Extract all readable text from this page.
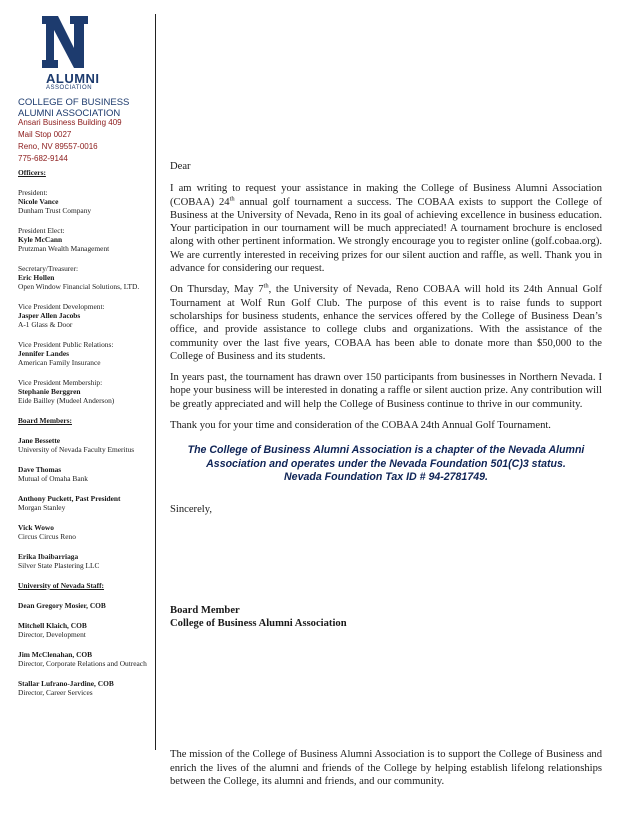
ALUMNI
ASSOCIATION
COLLEGE OF BUSINESS
ALUMNI ASSOCIATION
Ansari Business Building 409
Mail Stop 0027
Reno, NV 89557-0016
775-682-9144
Officers:
President:
Nicole Vance
Dunham Trust Company
President Elect:
Kyle McCann
Prutzman Wealth Management
Secretary/Treasurer:
Eric Hollen
Open Window Financial Solutions, LTD.
Vice President Development:
Jasper Allen Jacobs
A-1 Glass & Door
Vice President Public Relations:
Jennifer Landes
American Family Insurance
Vice President Membership:
Stephanie Berggren
Eide Bailley (Mudeel Anderson)
Board Members:
Jane Bessette
University of Nevada Faculty Emeritus
Dave Thomas
Mutual of Omaha Bank
Anthony Puckett, Past President
Morgan Stanley
Vick Wowo
Circus Circus Reno
Erika Ibaibarriaga
Silver State Plastering LLC
University of Nevada Staff:
Dean Gregory Mosier, COB
Mitchell Klaich, COB
Director, Development
Jim McClenahan, COB
Director, Corporate Relations and Outreach
Stallar Lufrano-Jardine, COB
Director, Career Services

Dear

I am writing to request your assistance in making the College of Business Alumni Association (COBAA) 24th annual golf tournament a success. The COBAA exists to support the College of Business at the University of Nevada, Reno in its goal of achieving excellence in business education. Your participation in our tournament will be much appreciated! A tournament brochure is enclosed along with other pertinent information. We strongly encourage you to register online (golf.cobaa.org). We are currently interested in receiving prizes for our silent auction and raffle, as well. Thank you in advance for considering our request.

On Thursday, May 7th, the University of Nevada, Reno COBAA will hold its 24th Annual Golf Tournament at Wolf Run Golf Club. The purpose of this event is to raise funds to support scholarships for business students, enhance the services offered by the College of Business Dean’s office, and provide assistance to college clubs and organizations. With the assistance of the community over the last five years, COBAA has been able to donate more than $50,000 to the College of Business and its students.

In years past, the tournament has drawn over 150 participants from businesses in Northern Nevada. I hope your business will be interested in donating a raffle or silent auction prize. Any contribution will be greatly appreciated and will help the College of Business continue to thrive in our community.

Thank you for your time and consideration of the COBAA 24th Annual Golf Tournament.

The College of Business Alumni Association is a chapter of the Nevada Alumni
Association and operates under the Nevada Foundation 501(C)3 status.
Nevada Foundation Tax ID # 94-2781749.

Sincerely,

Board Member
College of Business Alumni Association
The mission of the College of Business Alumni Association is to support the College of Business and enrich the lives of the alumni and friends of the College by helping establish lifelong relationships between the College, its alumni and friends, and our community.
